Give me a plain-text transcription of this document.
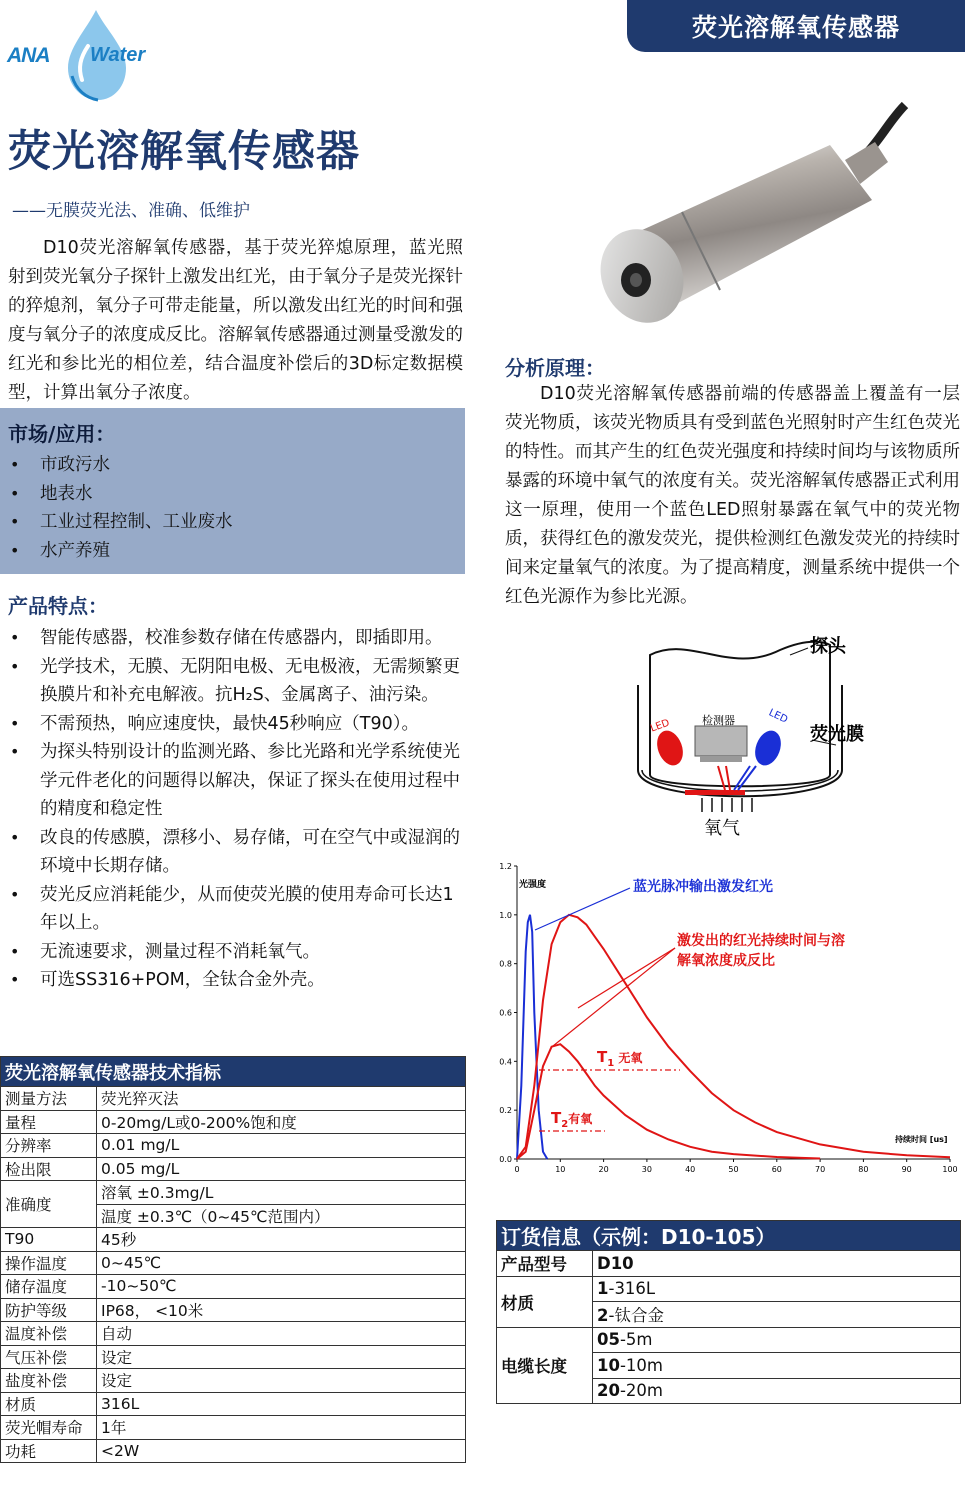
荧光溶解氧传感器
ANA Water
荧光溶解氧传感器
——无膜荧光法、准确、低维护
D10荧光溶解氧传感器，基于荧光猝熄原理，蓝光照射到荧光氧分子探针上激发出红光，由于氧分子是荧光探针的猝熄剂，氧分子可带走能量，所以激发出红光的时间和强度与氧分子的浓度成反比。溶解氧传感器通过测量受激发的红光和参比光的相位差，结合温度补偿后的3D标定数据模型，计算出氧分子浓度。
市场/应用：
• 市政污水
• 地表水
• 工业过程控制、工业废水
• 水产养殖
产品特点：
• 智能传感器，校准参数存储在传感器内，即插即用。
• 光学技术，无膜、无阴阳电极、无电极液，无需频繁更换膜片和补充电解液。抗H₂S、金属离子、油污染。
• 不需预热，响应速度快，最快45秒响应（T90）。
• 为探头特别设计的监测光路、参比光路和光学系统使光学元件老化的问题得以解决，保证了探头在使用过程中的精度和稳定性
• 改良的传感膜，漂移小、易存储，可在空气中或湿润的环境中长期存储。
• 荧光反应消耗能少，从而使荧光膜的使用寿命可长达1年以上。
• 无流速要求，测量过程不消耗氧气。
• 可选SS316+POM，全钛合金外壳。
荧光溶解氧传感器技术指标	
测量方法	荧光猝灭法
量程	0-20mg/L或0-200%饱和度
分辨率	0.01 mg/L
检出限	0.05 mg/L
准确度	溶氧 ±0.3mg/L
	温度 ±0.3℃（0~45℃范围内）
T90	45秒
操作温度	0~45℃
储存温度	-10~50℃
防护等级	IP68， <10米
温度补偿	自动
气压补偿	设定
盐度补偿	设定
材质	316L
荧光帽寿命	1年
功耗	<2W
分析原理：
D10荧光溶解氧传感器前端的传感器盖上覆盖有一层荧光物质，该荧光物质具有受到蓝色光照射时产生红色荧光的特性。而其产生的红色荧光强度和持续时间均与该物质所暴露的环境中氧气的浓度有关。荧光溶解氧传感器正式利用这一原理，使用一个蓝色LED照射暴露在氧气中的荧光物质，获得红色的激发荧光，提供检测红色激发荧光的持续时间来定量氧气的浓度。为了提高精度，测量系统中提供一个红色光源作为参比光源。
探头
检测器
LED
LED
荧光膜
氧气
0	10	20	30	40	50	60	70	80	90	100
0.0
0.2
0.4
0.6
0.8
1.0
1.2
光强度
持续时间 [us]
蓝光脉冲输出激发红光
激发出的红光持续时间与溶
解氧浓度成反比
$T_1$ $^{无氧}$
$T_2^{有氧}$
订货信息（示例：D10-105）	
产品型号	D10
材质	1-316L
	2-钛合金
电缆长度	05-5m
	10-10m
	20-20m
